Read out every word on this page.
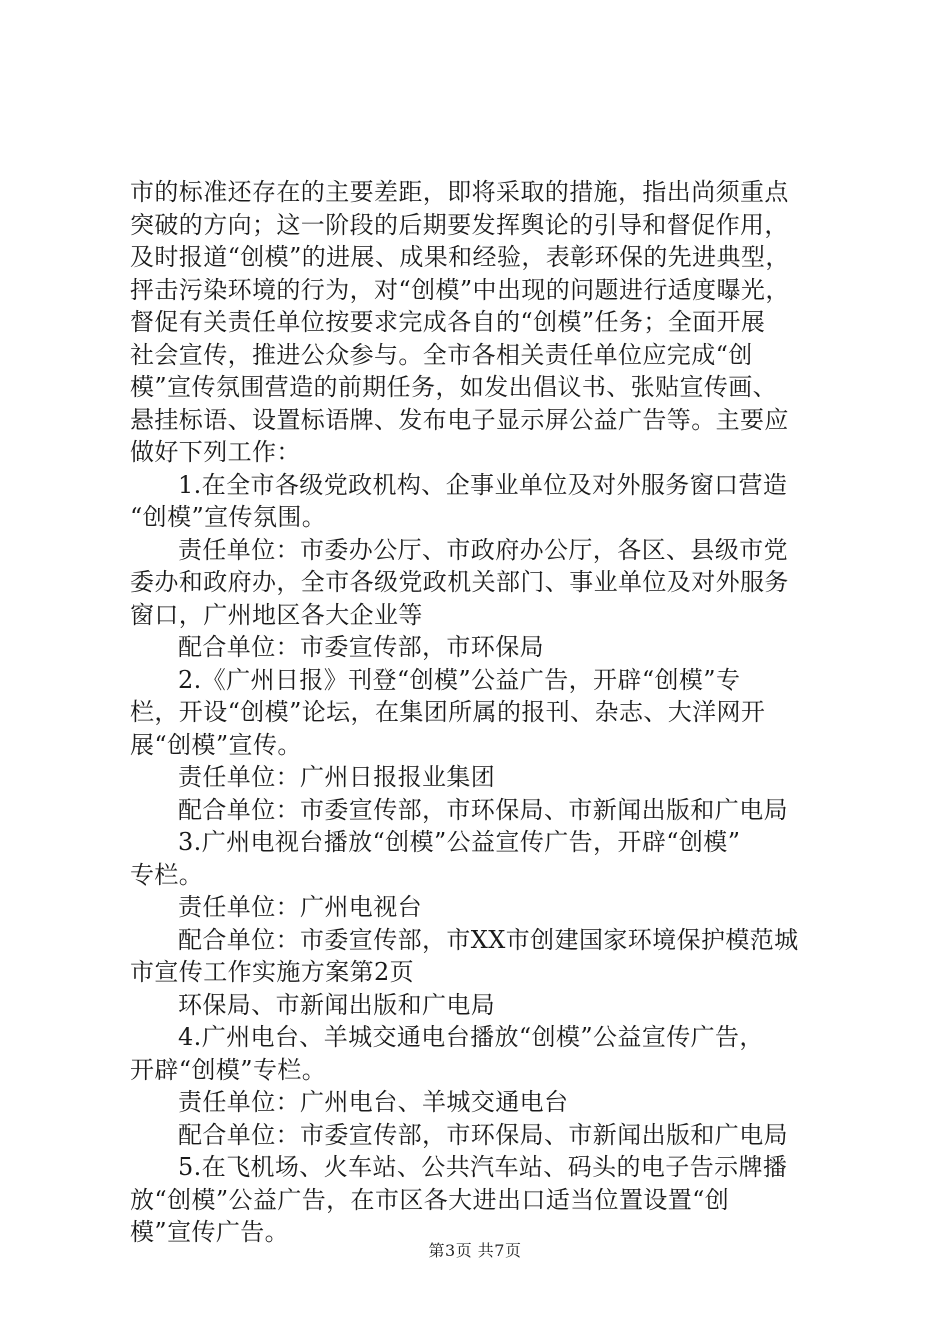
市的标准还存在的主要差距，即将采取的措施，指出尚须重点
突破的方向；这一阶段的后期要发挥舆论的引导和督促作用，
及时报道“创模”的进展、成果和经验，表彰环保的先进典型，
抨击污染环境的行为，对“创模”中出现的问题进行适度曝光，
督促有关责任单位按要求完成各自的“创模”任务；全面开展
社会宣传，推进公众参与。全市各相关责任单位应完成“创
模”宣传氛围营造的前期任务，如发出倡议书、张贴宣传画、
悬挂标语、设置标语牌、发布电子显示屏公益广告等。主要应
做好下列工作：
1.在全市各级党政机构、企事业单位及对外服务窗口营造
“创模”宣传氛围。
责任单位：市委办公厅、市政府办公厅，各区、县级市党
委办和政府办，全市各级党政机关部门、事业单位及对外服务
窗口，广州地区各大企业等
配合单位：市委宣传部，市环保局
2.《广州日报》刊登“创模”公益广告，开辟“创模”专
栏，开设“创模”论坛，在集团所属的报刊、杂志、大洋网开
展“创模”宣传。
责任单位：广州日报报业集团
配合单位：市委宣传部，市环保局、市新闻出版和广电局
3.广州电视台播放“创模”公益宣传广告，开辟“创模”
专栏。
责任单位：广州电视台
配合单位：市委宣传部，市XX市创建国家环境保护模范城
市宣传工作实施方案第2页
环保局、市新闻出版和广电局
4.广州电台、羊城交通电台播放“创模”公益宣传广告，
开辟“创模”专栏。
责任单位：广州电台、羊城交通电台
配合单位：市委宣传部，市环保局、市新闻出版和广电局
5.在飞机场、火车站、公共汽车站、码头的电子告示牌播
放“创模”公益广告，在市区各大进出口适当位置设置“创
模”宣传广告。
第3页 共7页
